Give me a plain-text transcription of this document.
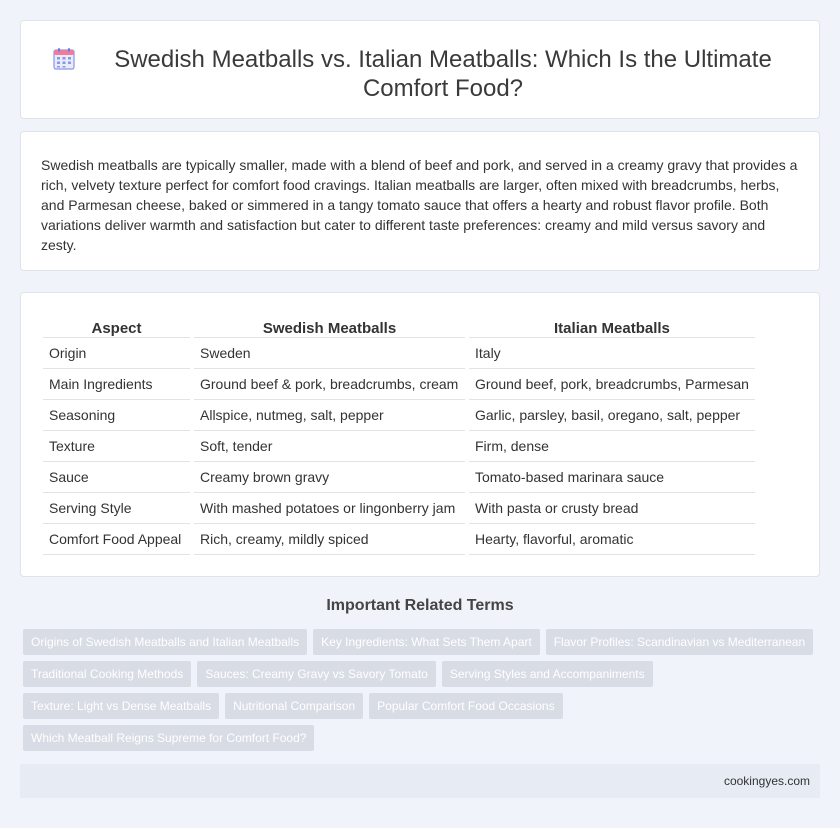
Swedish Meatballs vs. Italian Meatballs: Which Is the Ultimate Comfort Food?

Swedish meatballs are typically smaller, made with a blend of beef and pork, and served in a creamy gravy that provides a rich, velvety texture perfect for comfort food cravings. Italian meatballs are larger, often mixed with breadcrumbs, herbs, and Parmesan cheese, baked or simmered in a tangy tomato sauce that offers a hearty and robust flavor profile. Both variations deliver warmth and satisfaction but cater to different taste preferences: creamy and mild versus savory and zesty.

Aspect		Swedish Meatballs		Italian Meatballs
Origin		Sweden		Italy
Main Ingredients		Ground beef & pork, breadcrumbs, cream		Ground beef, pork, breadcrumbs, Parmesan
Seasoning		Allspice, nutmeg, salt, pepper		Garlic, parsley, basil, oregano, salt, pepper
Texture		Soft, tender		Firm, dense
Sauce		Creamy brown gravy		Tomato-based marinara sauce
Serving Style		With mashed potatoes or lingonberry jam		With pasta or crusty bread
Comfort Food Appeal		Rich, creamy, mildly spiced		Hearty, flavorful, aromatic
Important Related Terms
Origins of Swedish Meatballs and Italian Meatballs	Key Ingredients: What Sets Them Apart	Flavor Profiles: Scandinavian vs Mediterranean
Traditional Cooking Methods	Sauces: Creamy Gravy vs Savory Tomato	Serving Styles and Accompaniments
Texture: Light vs Dense Meatballs	Nutritional Comparison	Popular Comfort Food Occasions
Which Meatball Reigns Supreme for Comfort Food?
cookingyes.com
